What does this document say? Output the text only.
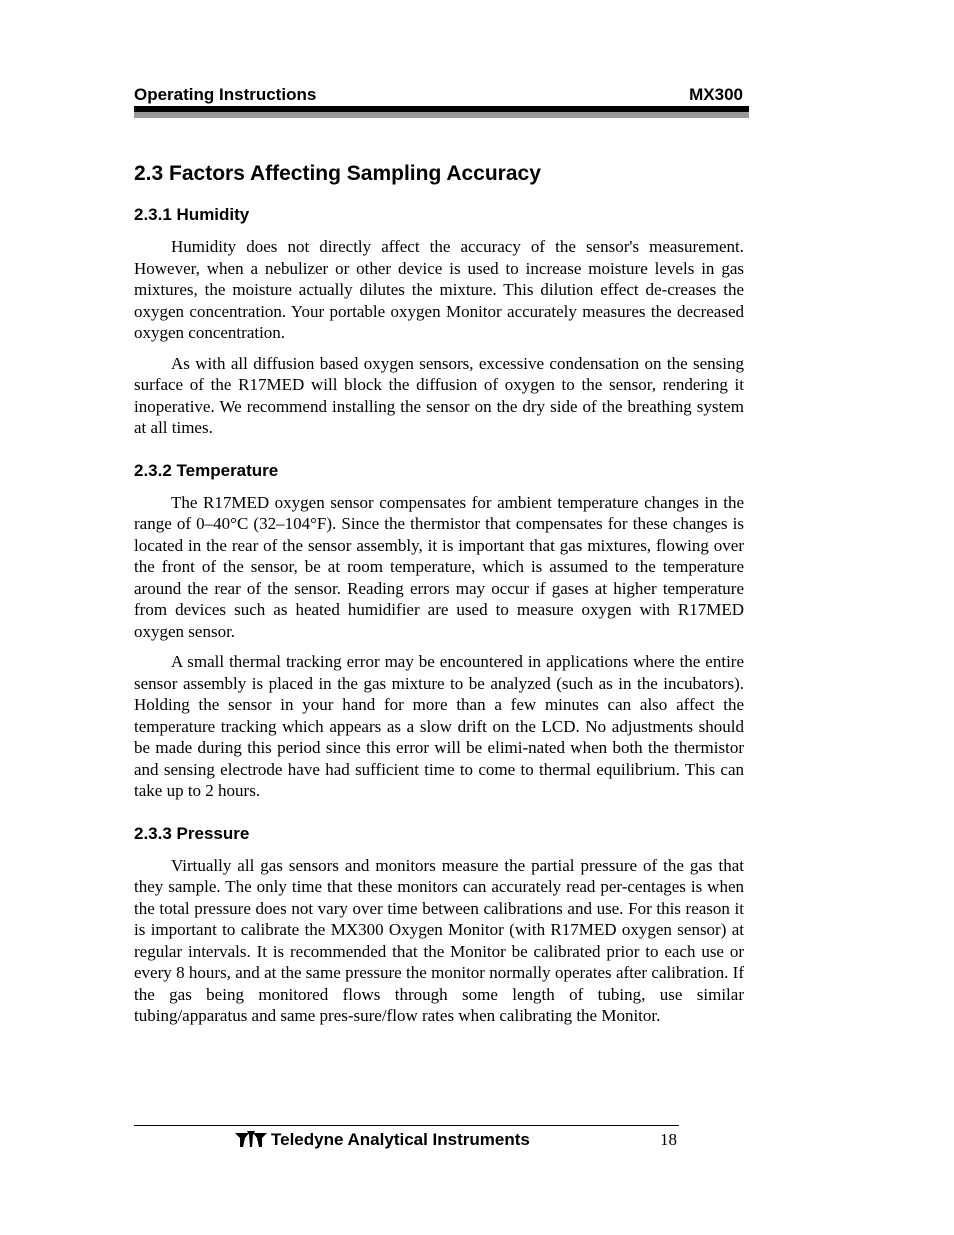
Operating Instructions	MX300
2.3 Factors Affecting Sampling Accuracy
2.3.1 Humidity

Humidity does not directly affect the accuracy of the sensor's measurement. However, when a nebulizer or other device is used to increase moisture levels in gas mixtures, the moisture actually dilutes the mixture. This dilution effect de-creases the oxygen concentration. Your portable oxygen Monitor accurately measures the decreased oxygen concentration.

As with all diffusion based oxygen sensors, excessive condensation on the sensing surface of the R17MED will block the diffusion of oxygen to the sensor, rendering it inoperative. We recommend installing the sensor on the dry side of the breathing system at all times.

2.3.2 Temperature

The R17MED oxygen sensor compensates for ambient temperature changes in the range of 0–40°C (32–104°F). Since the thermistor that compensates for these changes is located in the rear of the sensor assembly, it is important that gas mixtures, flowing over the front of the sensor, be at room temperature, which is assumed to the temperature around the rear of the sensor. Reading errors may occur if gases at higher temperature from devices such as heated humidifier are used to measure oxygen with R17MED oxygen sensor.

A small thermal tracking error may be encountered in applications where the entire sensor assembly is placed in the gas mixture to be analyzed (such as in the incubators). Holding the sensor in your hand for more than a few minutes can also affect the temperature tracking which appears as a slow drift on the LCD. No adjustments should be made during this period since this error will be elimi-nated when both the thermistor and sensing electrode have had sufficient time to come to thermal equilibrium. This can take up to 2 hours.

2.3.3 Pressure

Virtually all gas sensors and monitors measure the partial pressure of the gas that they sample. The only time that these monitors can accurately read per-centages is when the total pressure does not vary over time between calibrations and use. For this reason it is important to calibrate the MX300 Oxygen Monitor (with R17MED oxygen sensor) at regular intervals. It is recommended that the Monitor be calibrated prior to each use or every 8 hours, and at the same pressure the monitor normally operates after calibration. If the gas being monitored flows through some length of tubing, use similar tubing/apparatus and same pres-sure/flow rates when calibrating the Monitor.

Teledyne Analytical Instruments	18
